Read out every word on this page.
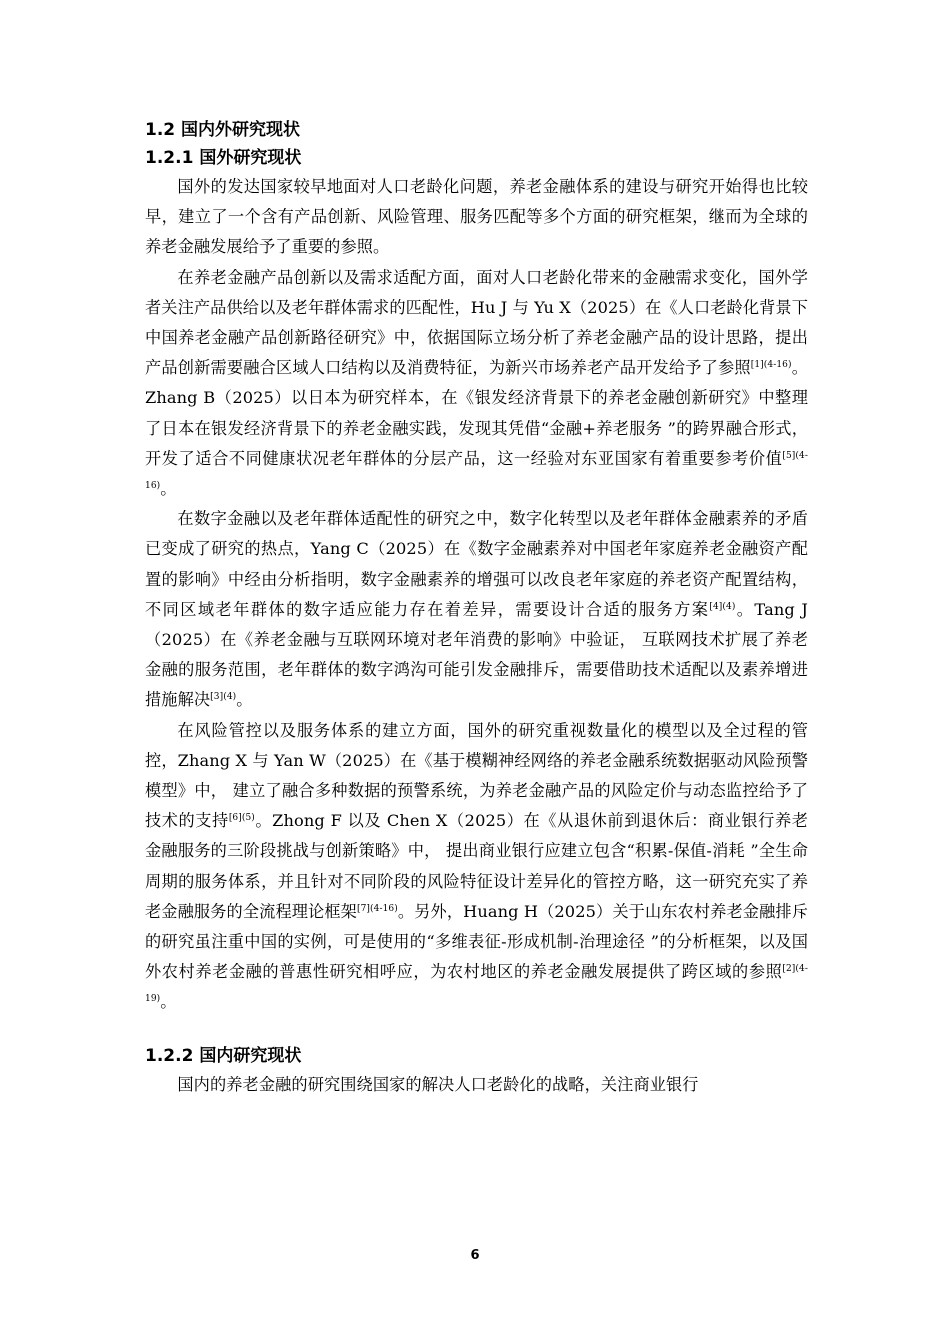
1.2 国内外研究现状
1.2.1 国外研究现状

国外的发达国家较早地面对人口老龄化问题，养老金融体系的建设与研究开始得也比较早，建立了一个含有产品创新、风险管理、服务匹配等多个方面的研究框架，继而为全球的养老金融发展给予了重要的参照。

在养老金融产品创新以及需求适配方面，面对人口老龄化带来的金融需求变化，国外学者关注产品供给以及老年群体需求的匹配性，Hu J 与 Yu X（2025）在《人口老龄化背景下中国养老金融产品创新路径研究》中，依据国际立场分析了养老金融产品的设计思路，提出产品创新需要融合区域人口结构以及消费特征，为新兴市场养老产品开发给予了参照$^{[1](4-16)}$。Zhang B（2025）以日本为研究样本，在《银发经济背景下的养老金融创新研究》中整理了日本在银发经济背景下的养老金融实践，发现其凭借“金融+养老服务 ”的跨界融合形式，开发了适合不同健康状况老年群体的分层产品，这一经验对东亚国家有着重要参考价值$^{[5](4-16)}$。

在数字金融以及老年群体适配性的研究之中，数字化转型以及老年群体金融素养的矛盾已变成了研究的热点，Yang C（2025）在《数字金融素养对中国老年家庭养老金融资产配置的影响》中经由分析指明，数字金融素养的增强可以改良老年家庭的养老资产配置结构，不同区域老年群体的数字适应能力存在着差异，需要设计合适的服务方案$^{[4](4)}$。Tang J（2025）在《养老金融与互联网环境对老年消费的影响》中验证， 互联网技术扩展了养老金融的服务范围，老年群体的数字鸿沟可能引发金融排斥，需要借助技术适配以及素养增进措施解决$^{[3](4)}$。

在风险管控以及服务体系的建立方面，国外的研究重视数量化的模型以及全过程的管控，Zhang X 与 Yan W（2025）在《基于模糊神经网络的养老金融系统数据驱动风险预警模型》中， 建立了融合多种数据的预警系统，为养老金融产品的风险定价与动态监控给予了技术的支持$^{[6](5)}$。Zhong F 以及 Chen X（2025）在《从退休前到退休后：商业银行养老金融服务的三阶段挑战与创新策略》中， 提出商业银行应建立包含“积累-保值-消耗 ”全生命周期的服务体系，并且针对不同阶段的风险特征设计差异化的管控方略，这一研究充实了养老金融服务的全流程理论框架$^{[7](4-16)}$。另外，Huang H（2025）关于山东农村养老金融排斥的研究虽注重中国的实例，可是使用的“多维表征-形成机制-治理途径 ”的分析框架，以及国外农村养老金融的普惠性研究相呼应，为农村地区的养老金融发展提供了跨区域的参照$^{[2](4-19)}$。

1.2.2 国内研究现状

国内的养老金融的研究围绕国家的解决人口老龄化的战略，关注商业银行

6
